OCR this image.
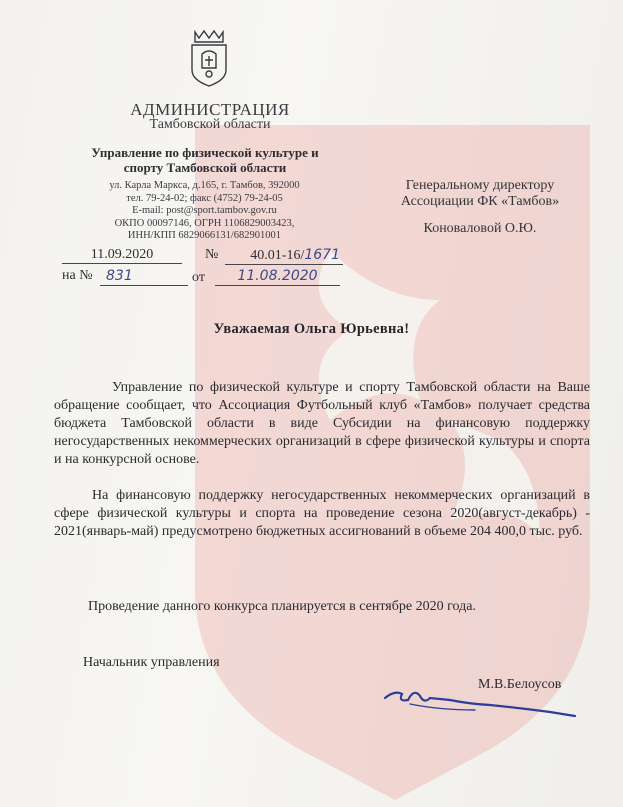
АДМИНИСТРАЦИЯ
Тамбовской области
Управление по физической культуре и
спорту Тамбовской области
ул. Карла Маркса, д.165, г. Тамбов, 392000
тел. 79-24-02; факс (4752) 79-24-05
E-mail: post@sport.tambov.gov.ru
ОКПО 00097146, ОГРН 1106829003423,
ИНН/КПП 6829066131/682901001
Генеральному директору
Ассоциации ФК «Тамбов»
Коноваловой О.Ю.
11.09.2020	№	40.01-16/1671
на № 831	от	11.08.2020
Уважаемая Ольга Юрьевна!
Управление по физической культуре и спорту Тамбовской области на Ваше обращение сообщает, что Ассоциация Футбольный клуб «Тамбов» получает средства бюджета Тамбовской области в виде Субсидии на финансовую поддержку негосударственных некоммерческих организаций в сфере физической культуры и спорта и на конкурсной основе.
На финансовую поддержку негосударственных некоммерческих организаций в сфере физической культуры и спорта на проведение сезона 2020(август-декабрь) - 2021(январь-май) предусмотрено бюджетных ассигнований в объеме 204 400,0 тыс. руб.
Проведение данного конкурса планируется в сентябре 2020 года.
Начальник управления
М.В.Белоусов
